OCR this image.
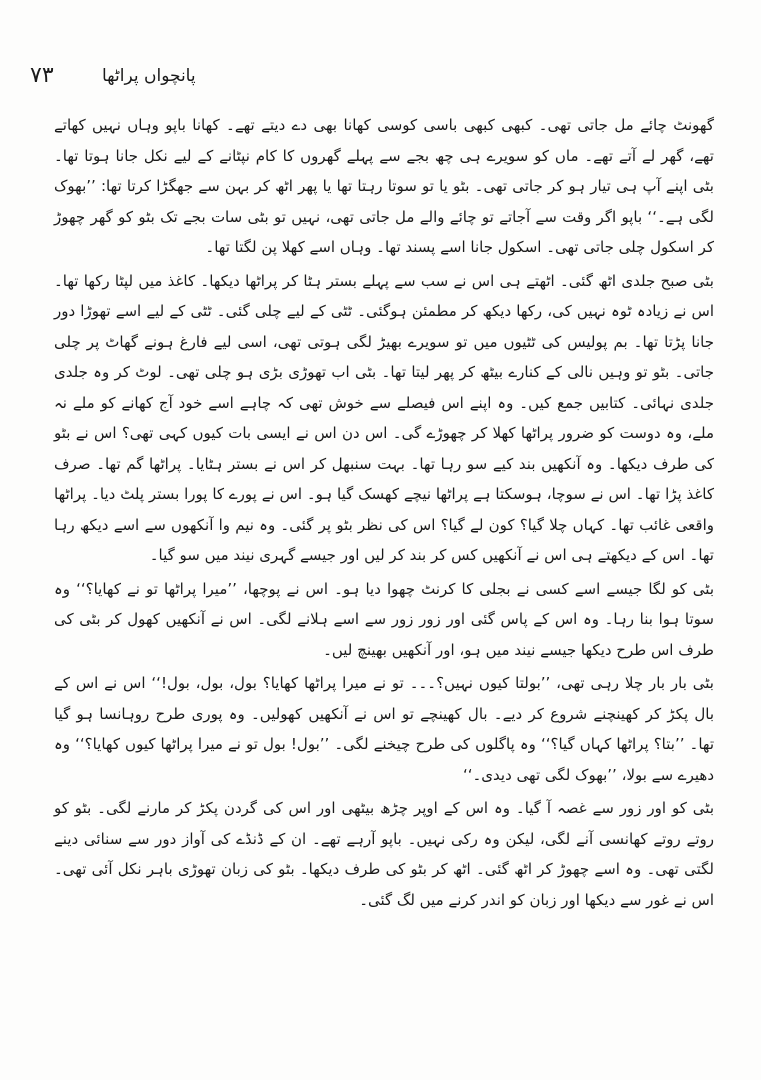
۷۳	پانچواں پراٹھا

گھونٹ چائے مل جاتی تھی۔ کبھی کبھی باسی کوسی کھانا بھی دے دیتے تھے۔ کھانا باپو وہاں نہیں کھاتے تھے، گھر لے آتے تھے۔ ماں کو سویرے ہی چھ بجے سے پہلے گھروں کا کام نپٹانے کے لیے نکل جانا ہوتا تھا۔ بٹی اپنے آپ ہی تیار ہو کر جاتی تھی۔ بٹو یا تو سوتا رہتا تھا یا پھر اٹھ کر بہن سے جھگڑا کرتا تھا: ’’بھوک لگی ہے۔‘‘ باپو اگر وقت سے آجاتے تو چائے والے مل جاتی تھی، نہیں تو بٹی سات بجے تک بٹو کو گھر چھوڑ کر اسکول چلی جاتی تھی۔ اسکول جانا اسے پسند تھا۔ وہاں اسے کھلا پن لگتا تھا۔

بٹی صبح جلدی اٹھ گئی۔ اٹھتے ہی اس نے سب سے پہلے بستر ہٹا کر پراٹھا دیکھا۔ کاغذ میں لپٹا رکھا تھا۔ اس نے زیادہ ٹوہ نہیں کی، رکھا دیکھ کر مطمئن ہوگئی۔ ٹٹی کے لیے چلی گئی۔ ٹٹی کے لیے اسے تھوڑا دور جانا پڑتا تھا۔ بم پولیس کی ٹٹیوں میں تو سویرے بھیڑ لگی ہوتی تھی، اسی لیے فارغ ہونے گھاٹ پر چلی جاتی۔ بٹو تو وہیں نالی کے کنارے بیٹھ کر پھر لیتا تھا۔ بٹی اب تھوڑی بڑی ہو چلی تھی۔ لوٹ کر وہ جلدی جلدی نہائی۔ کتابیں جمع کیں۔ وہ اپنے اس فیصلے سے خوش تھی کہ چاہے اسے خود آج کھانے کو ملے نہ ملے، وہ دوست کو ضرور پراٹھا کھلا کر چھوڑے گی۔ اس دن اس نے ایسی بات کیوں کہی تھی؟ اس نے بٹو کی طرف دیکھا۔ وہ آنکھیں بند کیے سو رہا تھا۔ بہت سنبھل کر اس نے بستر ہٹایا۔ پراٹھا گم تھا۔ صرف کاغذ پڑا تھا۔ اس نے سوچا، ہوسکتا ہے پراٹھا نیچے کھسک گیا ہو۔ اس نے پورے کا پورا بستر پلٹ دیا۔ پراٹھا واقعی غائب تھا۔ کہاں چلا گیا؟ کون لے گیا؟ اس کی نظر بٹو پر گئی۔ وہ نیم وا آنکھوں سے اسے دیکھ رہا تھا۔ اس کے دیکھتے ہی اس نے آنکھیں کس کر بند کر لیں اور جیسے گہری نیند میں سو گیا۔

بٹی کو لگا جیسے اسے کسی نے بجلی کا کرنٹ چھوا دیا ہو۔ اس نے پوچھا، ’’میرا پراٹھا تو نے کھایا؟‘‘ وہ سوتا ہوا بنا رہا۔ وہ اس کے پاس گئی اور زور زور سے اسے ہلانے لگی۔ اس نے آنکھیں کھول کر بٹی کی طرف اس طرح دیکھا جیسے نیند میں ہو، اور آنکھیں بھینچ لیں۔

بٹی بار بار چلا رہی تھی، ’’بولتا کیوں نہیں؟۔۔۔ تو نے میرا پراٹھا کھایا؟ بول، بول، بول!‘‘ اس نے اس کے بال پکڑ کر کھینچنے شروع کر دیے۔ بال کھینچے تو اس نے آنکھیں کھولیں۔ وہ پوری طرح روہانسا ہو گیا تھا۔ ’’بتا؟ پراٹھا کہاں گیا؟‘‘ وہ پاگلوں کی طرح چیخنے لگی۔ ’’بول! بول تو نے میرا پراٹھا کیوں کھایا؟‘‘ وہ دھیرے سے بولا، ’’بھوک لگی تھی دیدی۔‘‘

بٹی کو اور زور سے غصہ آ گیا۔ وہ اس کے اوپر چڑھ بیٹھی اور اس کی گردن پکڑ کر مارنے لگی۔ بٹو کو روتے روتے کھانسی آنے لگی، لیکن وہ رکی نہیں۔ باپو آرہے تھے۔ ان کے ڈنڈے کی آواز دور سے سنائی دینے لگتی تھی۔ وہ اسے چھوڑ کر اٹھ گئی۔ اٹھ کر بٹو کی طرف دیکھا۔ بٹو کی زبان تھوڑی باہر نکل آئی تھی۔ اس نے غور سے دیکھا اور زبان کو اندر کرنے میں لگ گئی۔
